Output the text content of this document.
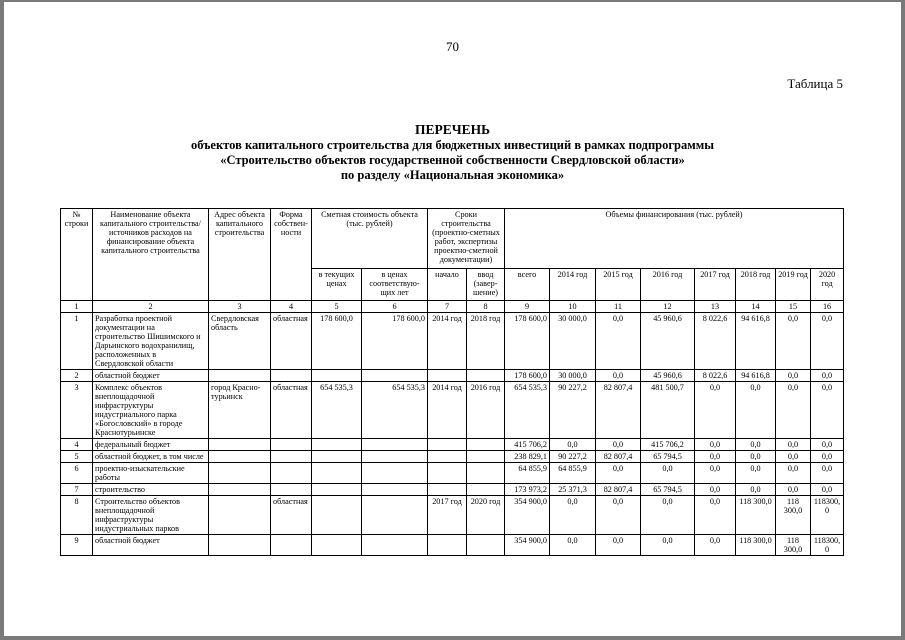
70
Таблица 5
ПЕРЕЧЕНЬ
объектов капитального строительства для бюджетных инвестиций в рамках подпрограммы
«Строительство объектов государственной собственности Свердловской области»
по разделу «Национальная экономика»
№ строки	Наименование объекта капитального строительства/ источников расходов на финансирование объекта капитального строительства	Адрес объекта капитального строительства	Форма собствен-ности	Сметная стоимость объекта (тыс. рублей)		Сроки строительства (проектно-сметных работ, экспертизы проектно-сметной документации)		Объемы финансирования (тыс. рублей)							
				в текущих ценах	в ценах соответствую-щих лет	начало	ввод (завер-шение)	всего	2014 год	2015 год	2016 год	2017 год	2018 год	2019 год	2020 год
1	2	3	4	5	6	7	8	9	10	11	12	13	14	15	16
1	Разработка проектной документации на строительство Шишимского и Дарьинского водохранилищ, расположенных в Свердловской области	Свердловская область	областная	178 600,0	178 600,0	2014 год	2018 год	178 600,0	30 000,0	0,0	45 960,6	8 022,6	94 616,8	0,0	0,0
2	областной бюджет							178 600,0	30 000,0	0,0	45 960,6	8 022,6	94 616,8	0,0	0,0
3	Комплекс объектов внеплощадочной инфраструктуры индустриального парка «Богословский» в городе Краснотурьинске	город Красно-турьинск	областная	654 535,3	654 535,3	2014 год	2016 год	654 535,3	90 227,2	82 807,4	481 500,7	0,0	0,0	0,0	0,0
4	федеральный бюджет							415 706,2	0,0	0,0	415 706,2	0,0	0,0	0,0	0,0
5	областной бюджет, в том числе							238 829,1	90 227,2	82 807,4	65 794,5	0,0	0,0	0,0	0,0
6	проектно-изыскательские работы							64 855,9	64 855,9	0,0	0,0	0,0	0,0	0,0	0,0
7	строительство							173 973,2	25 371,3	82 807,4	65 794,5	0,0	0,0	0,0	0,0
8	Строительство объектов внеплощадочной инфраструктуры индустриальных парков		областная			2017 год	2020 год	354 900,0	0,0	0,0	0,0	0,0	118 300,0	118 300,0	118300,0
9	областной бюджет							354 900,0	0,0	0,0	0,0	0,0	118 300,0	118 300,0	118300,0
